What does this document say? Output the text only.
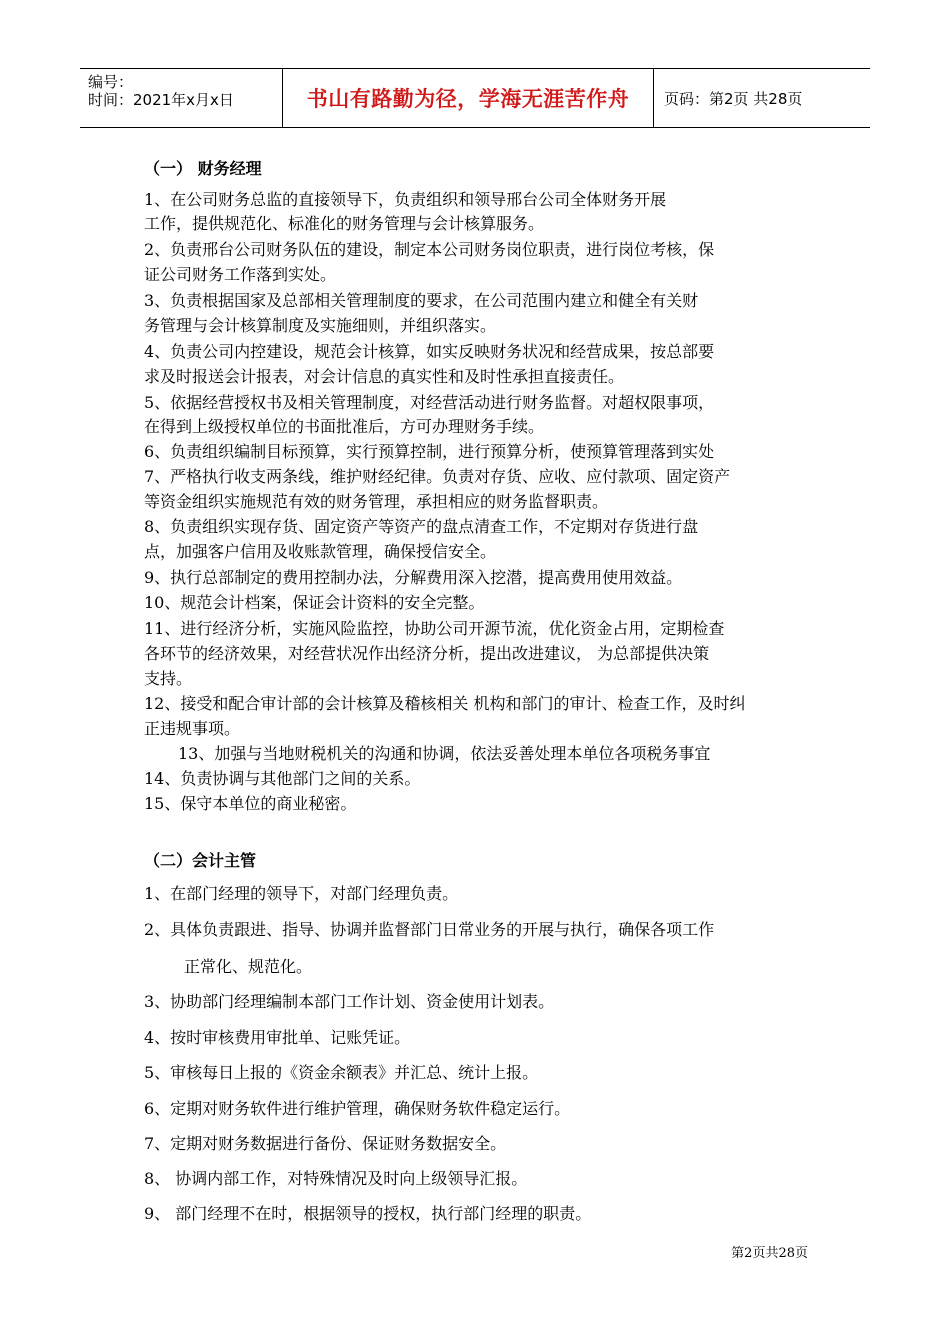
编号：
时间：2021年x月x日	书山有路勤为径，学海无涯苦作舟 页码：第2页 共28页
（一） 财务经理
1、在公司财务总监的直接领导下，负责组织和领导邢台公司全体财务开展
工作，提供规范化、标准化的财务管理与会计核算服务。
2、负责邢台公司财务队伍的建设，制定本公司财务岗位职责，进行岗位考核，保
证公司财务工作落到实处。
3、负责根据国家及总部相关管理制度的要求，在公司范围内建立和健全有关财
务管理与会计核算制度及实施细则，并组织落实。
4、负责公司内控建设，规范会计核算，如实反映财务状况和经营成果，按总部要
求及时报送会计报表，对会计信息的真实性和及时性承担直接责任。
5、依据经营授权书及相关管理制度，对经营活动进行财务监督。对超权限事项，
在得到上级授权单位的书面批准后，方可办理财务手续。
6、负责组织编制目标预算，实行预算控制，进行预算分析，使预算管理落到实处
7、严格执行收支两条线，维护财经纪律。负责对存货、应收、应付款项、固定资产
等资金组织实施规范有效的财务管理，承担相应的财务监督职责。
8、负责组织实现存货、固定资产等资产的盘点清查工作，不定期对存货进行盘
点，加强客户信用及收账款管理，确保授信安全。
9、执行总部制定的费用控制办法，分解费用深入挖潜，提高费用使用效益。
10、规范会计档案，保证会计资料的安全完整。
11、进行经济分析，实施风险监控，协助公司开源节流，优化资金占用，定期检查
各环节的经济效果，对经营状况作出经济分析，提出改进建议， 为总部提供决策
支持。
12、接受和配合审计部的会计核算及稽核相关 机构和部门的审计、检查工作，及时纠
正违规事项。
13、加强与当地财税机关的沟通和协调，依法妥善处理本单位各项税务事宜
14、负责协调与其他部门之间的关系。
15、保守本单位的商业秘密。
（二）会计主管
1、在部门经理的领导下，对部门经理负责。
2、具体负责跟进、指导、协调并监督部门日常业务的开展与执行，确保各项工作
正常化、规范化。
3、协助部门经理编制本部门工作计划、资金使用计划表。
4、按时审核费用审批单、记账凭证。
5、审核每日上报的《资金余额表》并汇总、统计上报。
6、定期对财务软件进行维护管理，确保财务软件稳定运行。
7、定期对财务数据进行备份、保证财务数据安全。
8、 协调内部工作，对特殊情况及时向上级领导汇报。
9、 部门经理不在时，根据领导的授权，执行部门经理的职责。
第2页共28页
